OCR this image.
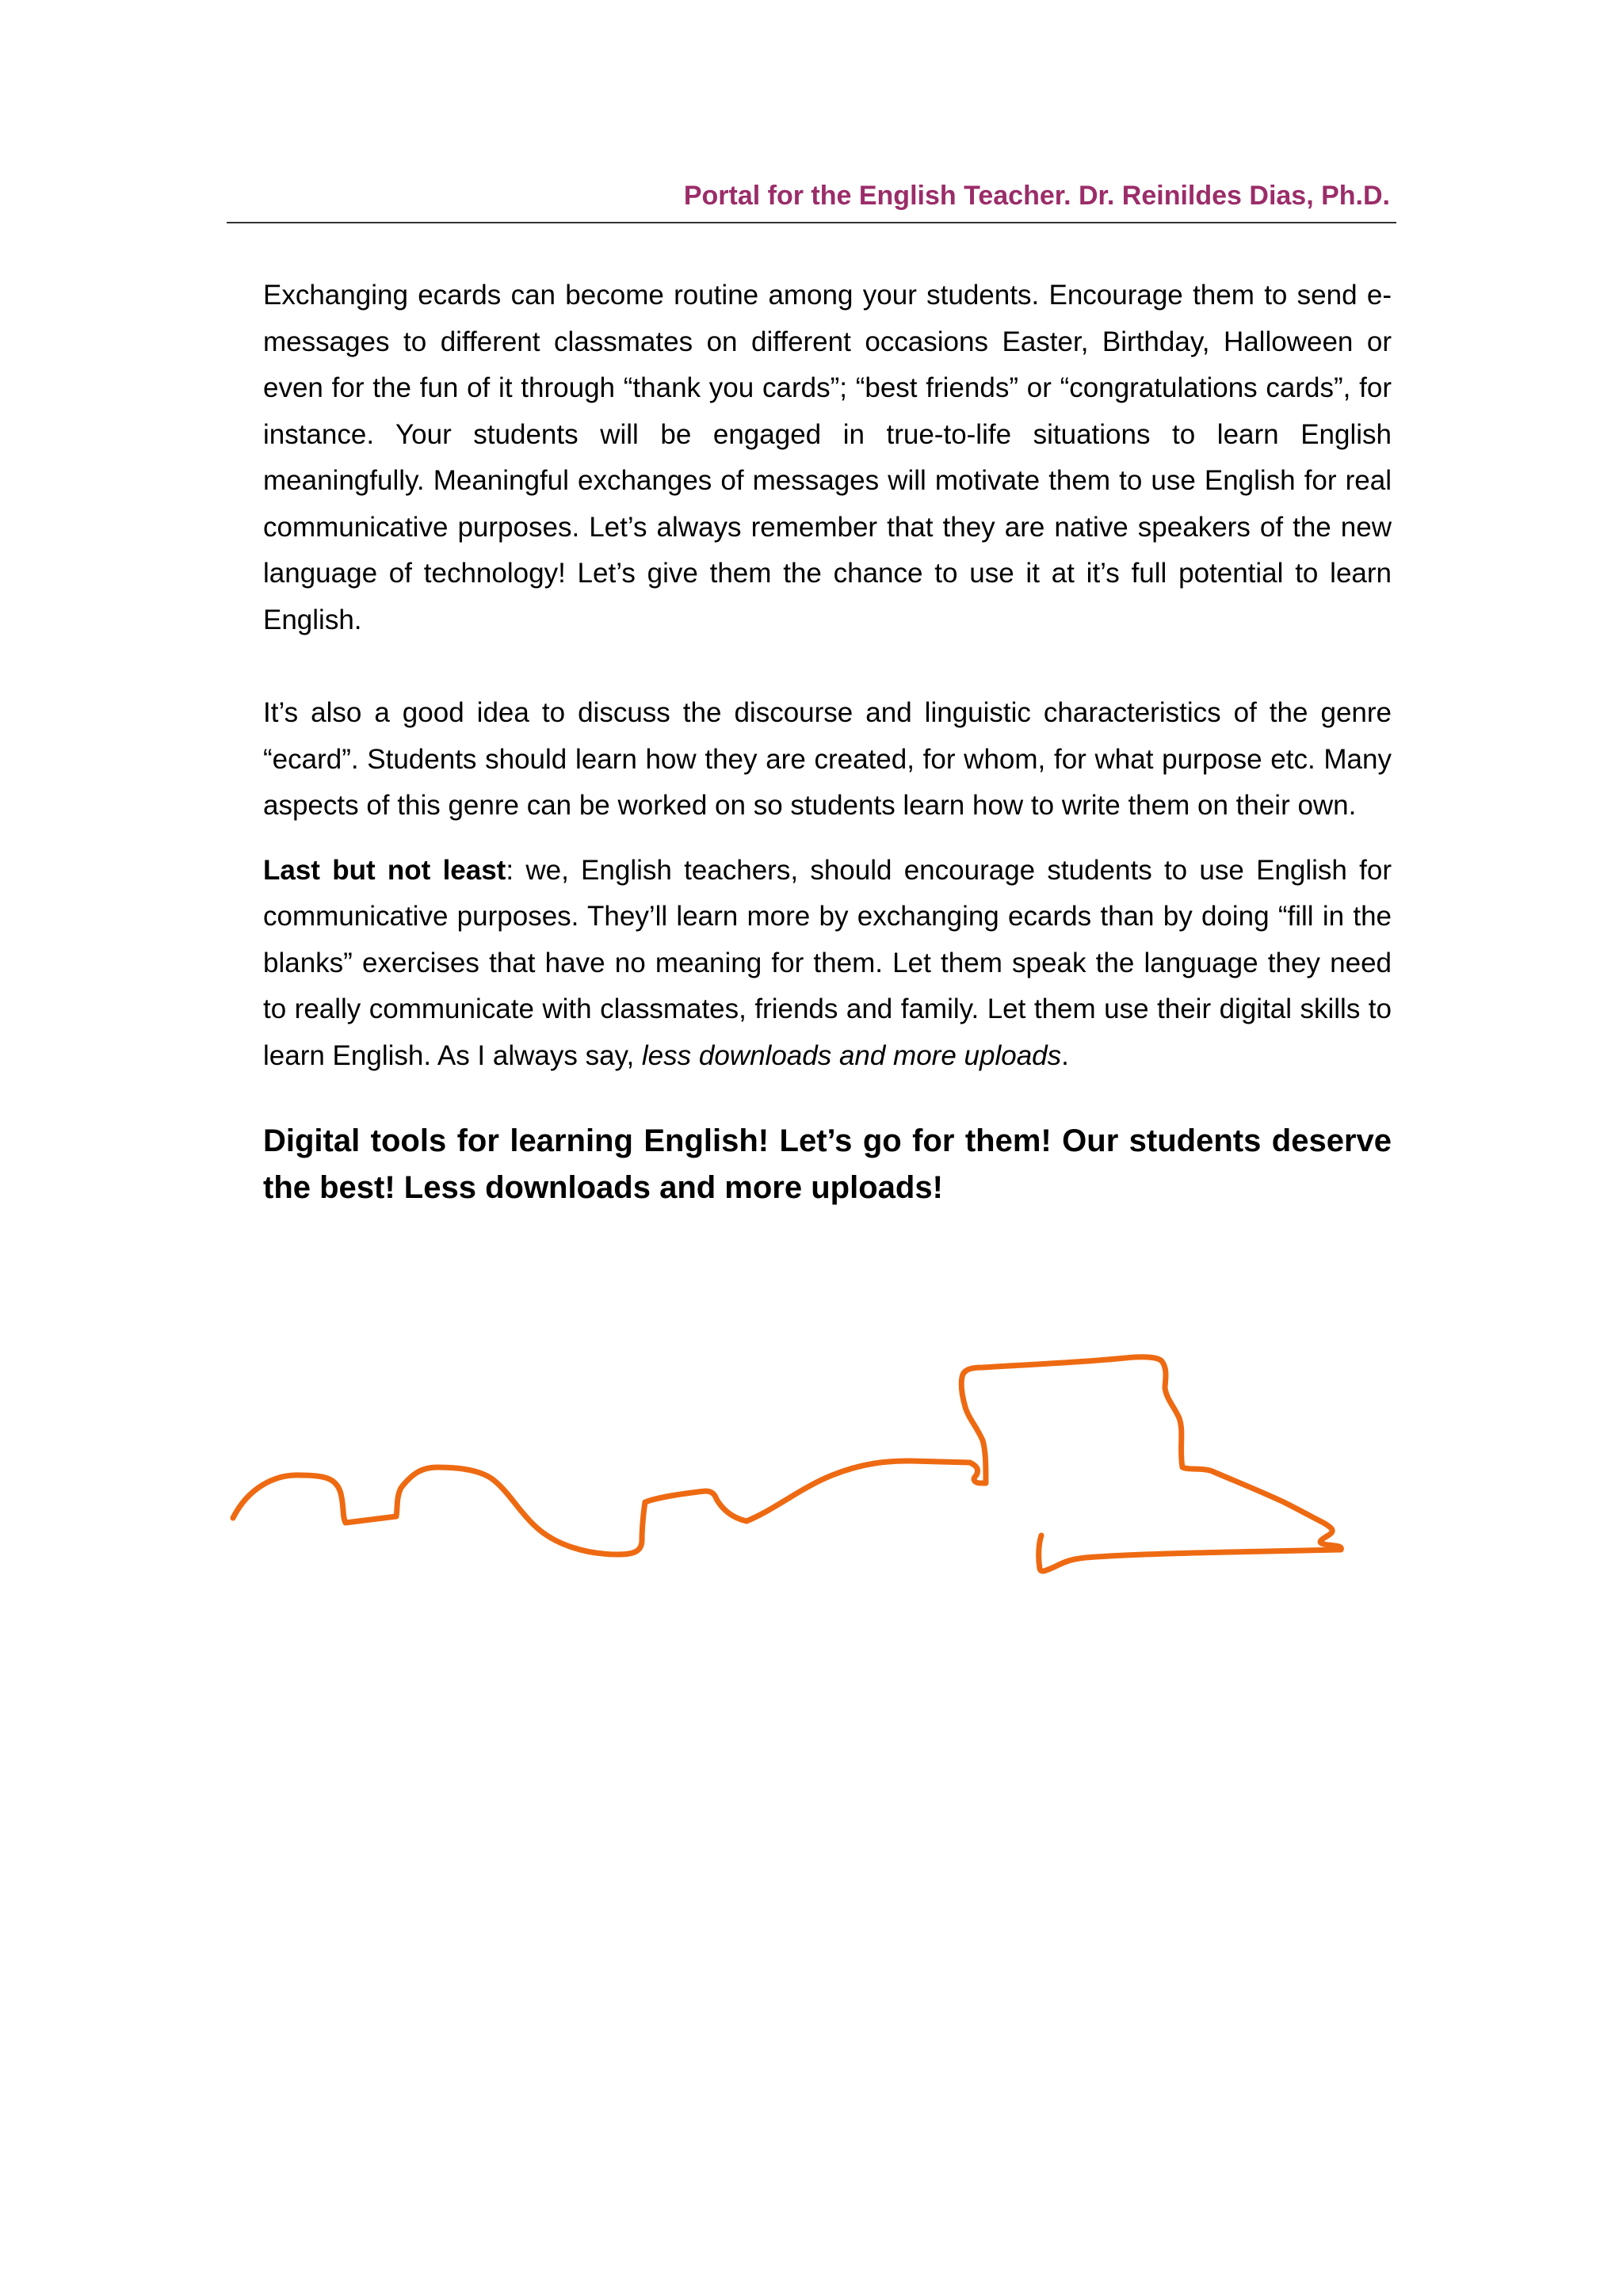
Portal for the English Teacher. Dr. Reinildes Dias, Ph.D.

Exchanging ecards can become routine among your students. Encourage them to send e-messages to different classmates on different occasions Easter, Birthday, Halloween or even for the fun of it through “thank you cards”; “best friends” or “congratulations cards”, for instance. Your students will be engaged in true-to-life situations to learn English meaningfully. Meaningful exchanges of messages will motivate them to use English for real communicative purposes. Let’s always remember that they are native speakers of the new language of technology! Let’s give them the chance to use it at it’s full potential to learn English.

It’s also a good idea to discuss the discourse and linguistic characteristics of the genre “ecard”. Students should learn how they are created, for whom, for what purpose etc. Many aspects of this genre can be worked on so students learn how to write them on their own.

Last but not least: we, English teachers, should encourage students to use English for communicative purposes. They’ll learn more by exchanging ecards than by doing “fill in the blanks” exercises that have no meaning for them. Let them speak the language they need to really communicate with classmates, friends and family. Let them use their digital skills to learn English. As I always say, less downloads and more uploads.

Digital tools for learning English! Let’s go for them! Our students deserve the best! Less downloads and more uploads!
